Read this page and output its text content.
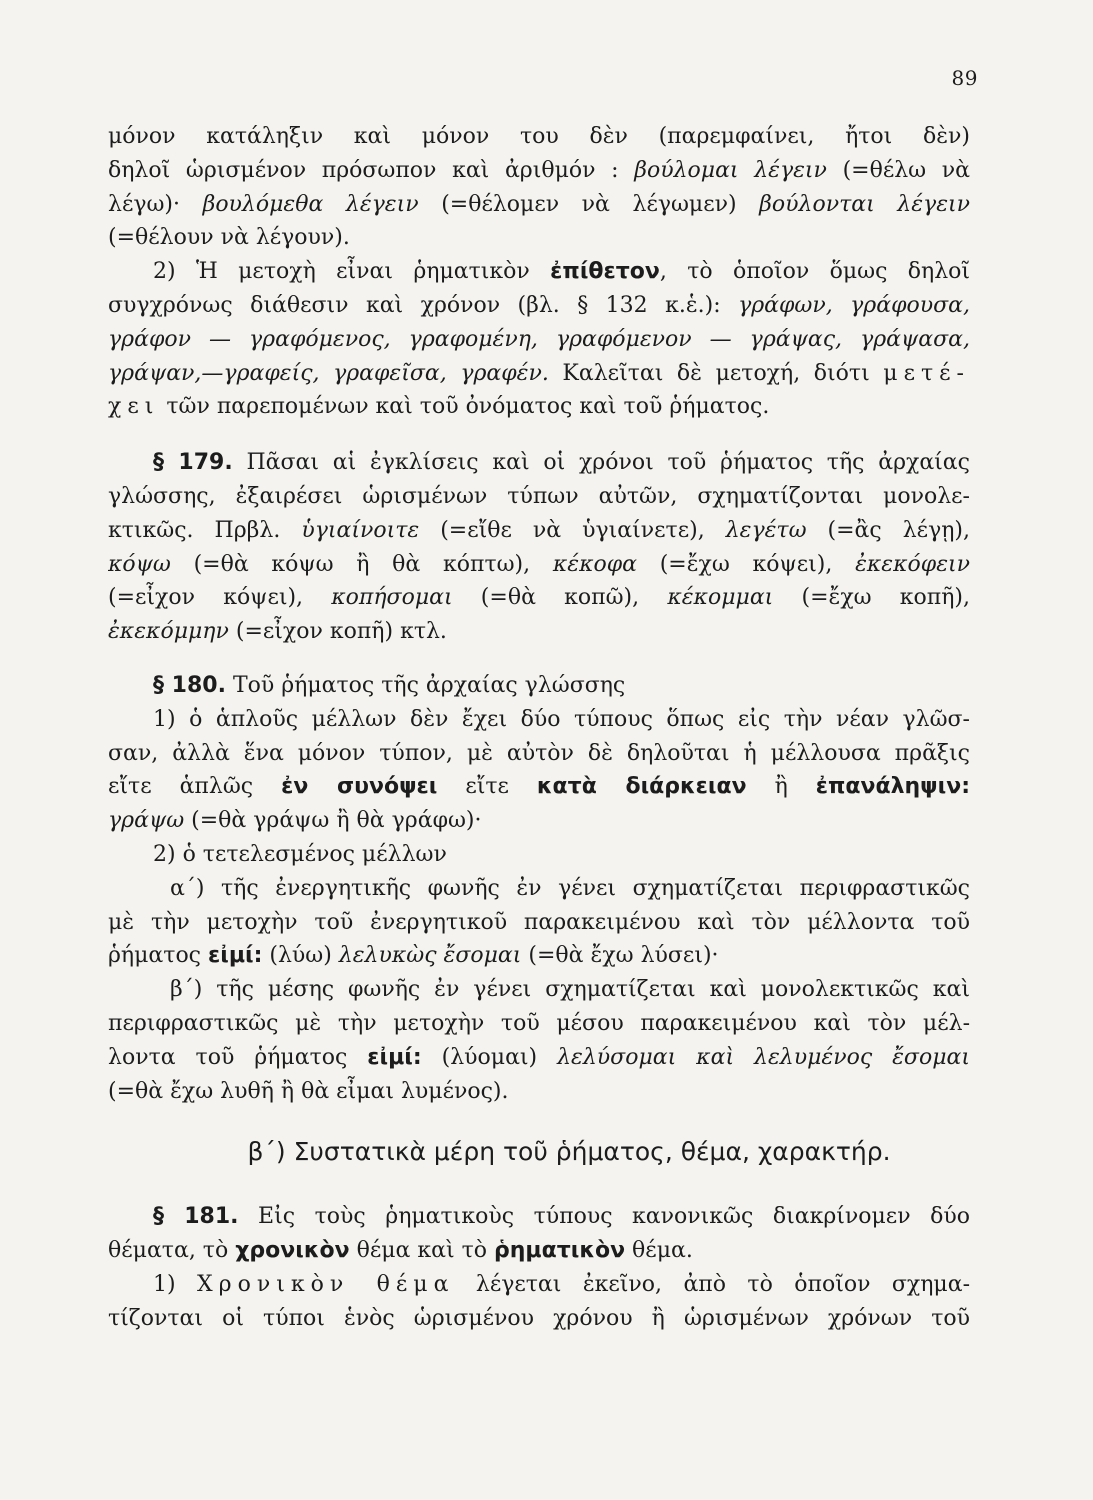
89
μόνον κατάληξιν καὶ μόνον του δὲν (παρεμφαίνει, ἤτοι δὲν)
δηλοῖ ὡρισμένον πρόσωπον καὶ ἀριθμόν : βούλομαι λέγειν (=θέλω νὰ
λέγω)· βουλόμεθα λέγειν (=θέλομεν νὰ λέγωμεν) βούλονται λέγειν
(=θέλουν νὰ λέγουν).
2) Ἡ μετοχὴ εἶναι ῥηματικὸν ἐπίθετον, τὸ ὁποῖον ὅμως δηλοῖ
συγχρόνως διάθεσιν καὶ χρόνον (βλ. § 132 κ.ἑ.): γράφων, γράφουσα,
γράφον — γραφόμενος, γραφομένη, γραφόμενον — γράψας, γράψασα,
γράψαν,—γραφείς, γραφεῖσα, γραφέν. Καλεῖται δὲ μετοχή, διότι μετέ-
χει τῶν παρεπομένων καὶ τοῦ ὀνόματος καὶ τοῦ ῥήματος.
§ 179. Πᾶσαι αἱ ἐγκλίσεις καὶ οἱ χρόνοι τοῦ ῥήματος τῆς ἀρχαίας
γλώσσης, ἐξαιρέσει ὡρισμένων τύπων αὐτῶν, σχηματίζονται μονολε-
κτικῶς. Πρβλ. ὑγιαίνοιτε (=εἴθε νὰ ὑγιαίνετε), λεγέτω (=ἂς λέγῃ),
κόψω (=θὰ κόψω ἢ θὰ κόπτω), κέκοφα (=ἔχω κόψει), ἐκεκόφειν
(=εἶχον κόψει), κοπήσομαι (=θὰ κοπῶ), κέκομμαι (=ἔχω κοπῆ),
ἐκεκόμμην (=εἶχον κοπῆ) κτλ.
§ 180. Τοῦ ῥήματος τῆς ἀρχαίας γλώσσης
1) ὁ ἁπλοῦς μέλλων δὲν ἔχει δύο τύπους ὅπως εἰς τὴν νέαν γλῶσ-
σαν, ἀλλὰ ἕνα μόνον τύπον, μὲ αὐτὸν δὲ δηλοῦται ἡ μέλλουσα πρᾶξις
εἴτε ἁπλῶς ἐν συνόψει εἴτε κατὰ διάρκειαν ἢ ἐπανάληψιν:
γράψω (=θὰ γράψω ἢ θὰ γράφω)·
2) ὁ τετελεσμένος μέλλων
α΄) τῆς ἐνεργητικῆς φωνῆς ἐν γένει σχηματίζεται περιφραστικῶς
μὲ τὴν μετοχὴν τοῦ ἐνεργητικοῦ παρακειμένου καὶ τὸν μέλλοντα τοῦ
ῥήματος εἰμί: (λύω) λελυκὼς ἔσομαι (=θὰ ἔχω λύσει)·
β΄) τῆς μέσης φωνῆς ἐν γένει σχηματίζεται καὶ μονολεκτικῶς καὶ
περιφραστικῶς μὲ τὴν μετοχὴν τοῦ μέσου παρακειμένου καὶ τὸν μέλ-
λοντα τοῦ ῥήματος εἰμί: (λύομαι) λελύσομαι καὶ λελυμένος ἔσομαι
(=θὰ ἔχω λυθῆ ἢ θὰ εἶμαι λυμένος).
β΄) Συστατικὰ μέρη τοῦ ῥήματος, θέμα, χαρακτήρ.
§ 181. Εἰς τοὺς ῥηματικοὺς τύπους κανονικῶς διακρίνομεν δύο
θέματα, τὸ χρονικὸν θέμα καὶ τὸ ῥηματικὸν θέμα.
1) Χρονικὸν θέμα λέγεται ἐκεῖνο, ἀπὸ τὸ ὁποῖον σχημα-
τίζονται οἱ τύποι ἑνὸς ὡρισμένου χρόνου ἢ ὡρισμένων χρόνων τοῦ
